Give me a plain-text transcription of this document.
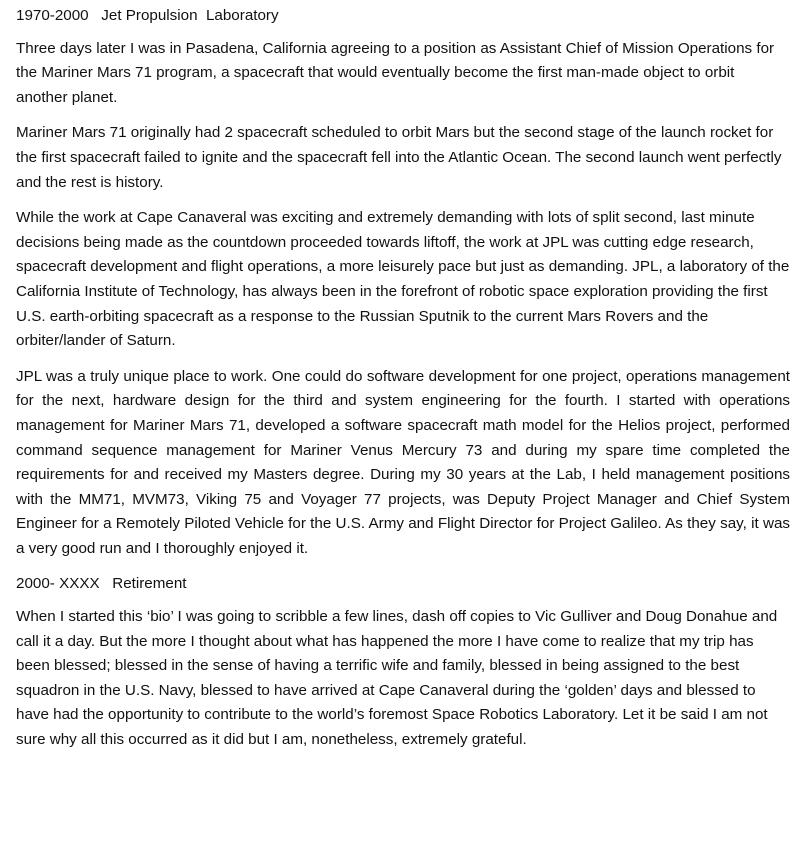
1970-2000   Jet Propulsion  Laboratory

Three days later I was in Pasadena, California agreeing to a position as Assistant Chief of Mission Operations for the Mariner Mars 71 program, a spacecraft that would eventually become the first man-made object to orbit another planet.

Mariner Mars 71 originally had 2 spacecraft scheduled to orbit Mars but the second stage of the launch rocket for the first spacecraft failed to ignite and the spacecraft fell into the Atlantic Ocean. The second launch went perfectly and the rest is history.

While the work at Cape Canaveral was exciting and extremely demanding with lots of split second, last minute decisions being made as the countdown proceeded towards liftoff, the work at JPL was cutting edge research, spacecraft development and flight operations, a more leisurely pace but just as demanding. JPL, a laboratory of the California Institute of Technology, has always been in the forefront of robotic space exploration providing the first U.S. earth-orbiting spacecraft as a response to the Russian Sputnik to the current Mars Rovers and the orbiter/lander of Saturn.

JPL was a truly unique place to work. One could do software development for one project, operations management for the next, hardware design for the third and system engineering for the fourth. I started with operations management for Mariner Mars 71, developed a software spacecraft math model for the Helios project, performed command sequence management for Mariner Venus Mercury 73 and during my spare time completed the requirements for and received my Masters degree. During my 30 years at the Lab, I held management positions with the MM71, MVM73, Viking 75 and Voyager 77 projects, was Deputy Project Manager and Chief System Engineer for a Remotely Piloted Vehicle for the U.S. Army and Flight Director for Project Galileo. As they say, it was a very good run and I thoroughly enjoyed it.

2000- XXXX   Retirement

When I started this ‘bio’ I was going to scribble a few lines, dash off copies to Vic Gulliver and Doug Donahue and call it a day. But the more I thought about what has happened the more I have come to realize that my trip has been blessed; blessed in the sense of having a terrific wife and family, blessed in being assigned to the best squadron in the U.S. Navy, blessed to have arrived at Cape Canaveral during the ‘golden’ days and blessed to have had the opportunity to contribute to the world’s foremost Space Robotics Laboratory. Let it be said I am not sure why all this occurred as it did but I am, nonetheless, extremely grateful.
